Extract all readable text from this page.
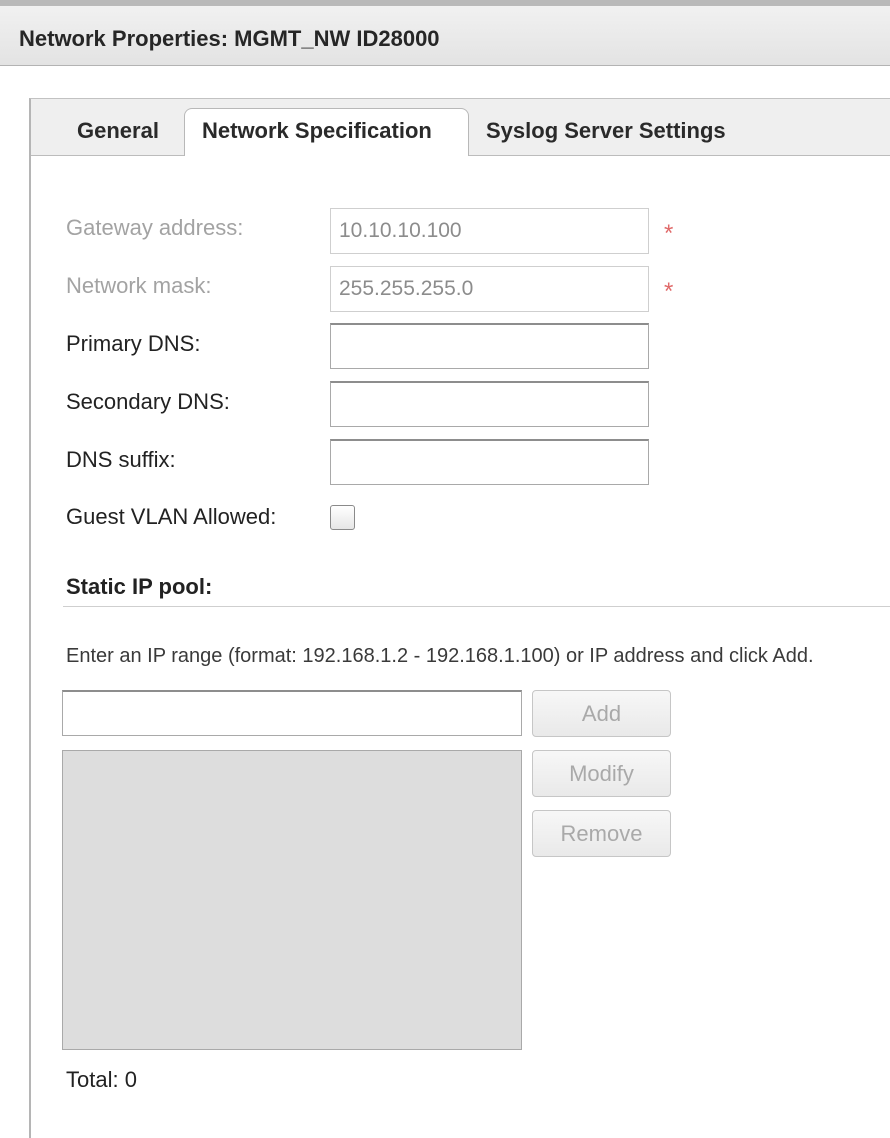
Network Properties: MGMT_NW ID28000
General	Network Specification	Syslog Server Settings
Gateway address:
10.10.10.100	*
Network mask:
255.255.255.0	*
Primary DNS:
Secondary DNS:
DNS suffix:
Guest VLAN Allowed:
Static IP pool:
Enter an IP range (format: 192.168.1.2 - 192.168.1.100) or IP address and click Add.
Add
Modify
Remove
Total: 0
